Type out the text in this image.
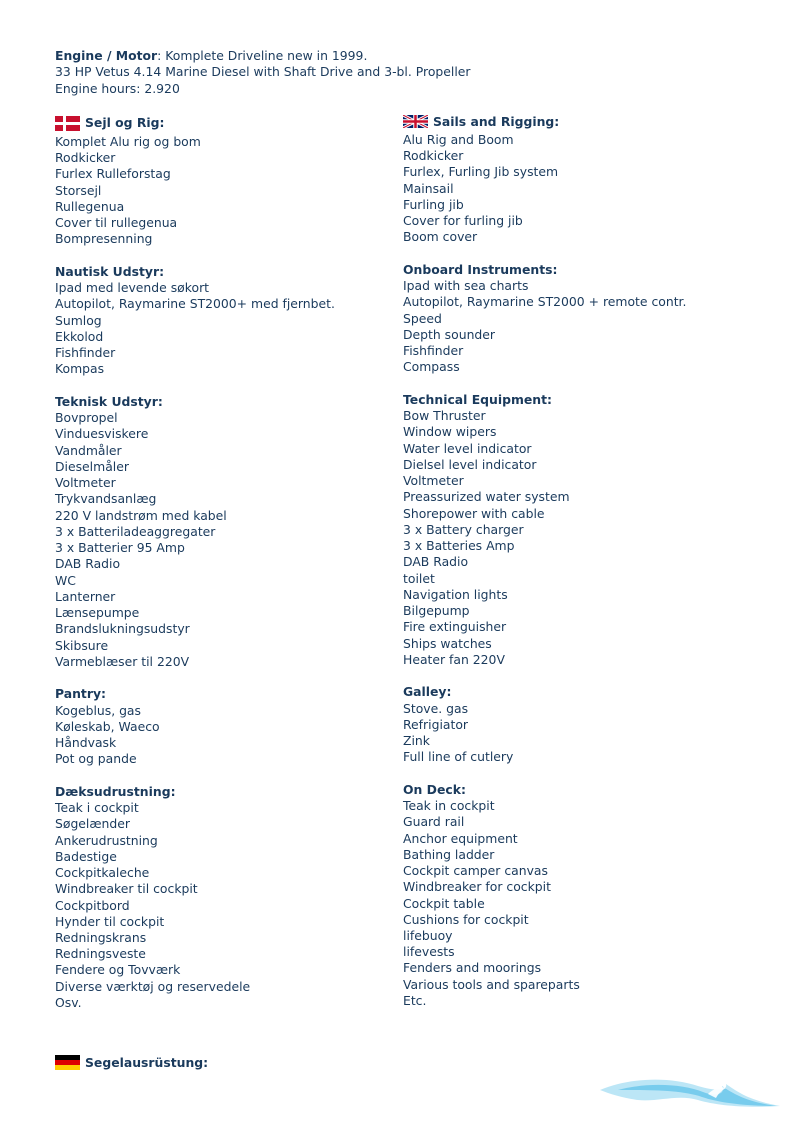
Engine / Motor: Komplete Driveline new in 1999.
33 HP Vetus 4.14 Marine Diesel with Shaft Drive and 3-bl. Propeller
Engine hours: 2.920
Sejl og Rig:
Komplet Alu rig og bom
Rodkicker
Furlex Rulleforstag
Storsejl
Rullegenua
Cover til rullegenua
Bompresenning
Nautisk Udstyr:
Ipad med levende søkort
Autopilot, Raymarine ST2000+ med fjernbet.
Sumlog
Ekkolod
Fishfinder
Kompas
Teknisk Udstyr:
Bovpropel
Vinduesviskere
Vandmåler
Dieselmåler
Voltmeter
Trykvandsanlæg
220 V landstrøm med kabel
3 x Batteriladeaggregater
3 x Batterier 95 Amp
DAB Radio
WC
Lanterner
Lænsepumpe
Brandslukningsudstyr
Skibsure
Varmeblæser til 220V
Pantry:
Kogeblus, gas
Køleskab, Waeco
Håndvask
Pot og pande
Dæksudrustning:
Teak i cockpit
Søgelænder
Ankerudrustning
Badestige
Cockpitkaleche
Windbreaker til cockpit
Cockpitbord
Hynder til cockpit
Redningskrans
Redningsveste
Fendere og Tovværk
Diverse værktøj og reservedele
Osv.
Sails and Rigging:
Alu Rig and Boom
Rodkicker
Furlex, Furling Jib system
Mainsail
Furling jib
Cover for furling jib
Boom cover
Onboard Instruments:
Ipad with sea charts
Autopilot, Raymarine ST2000 + remote contr.
Speed
Depth sounder
Fishfinder
Compass
Technical Equipment:
Bow Thruster
Window wipers
Water level indicator
Dielsel level indicator
Voltmeter
Preassurized water system
Shorepower with cable
3 x Battery charger
3 x Batteries Amp
DAB Radio
toilet
Navigation lights
Bilgepump
Fire extinguisher
Ships watches
Heater fan 220V
Galley:
Stove. gas
Refrigiator
Zink
Full line of cutlery
On Deck:
Teak in cockpit
Guard rail
Anchor equipment
Bathing ladder
Cockpit camper canvas
Windbreaker for cockpit
Cockpit table
Cushions for cockpit
lifebuoy
lifevests
Fenders and moorings
Various tools and spareparts
Etc.
Segelausrüstung:
